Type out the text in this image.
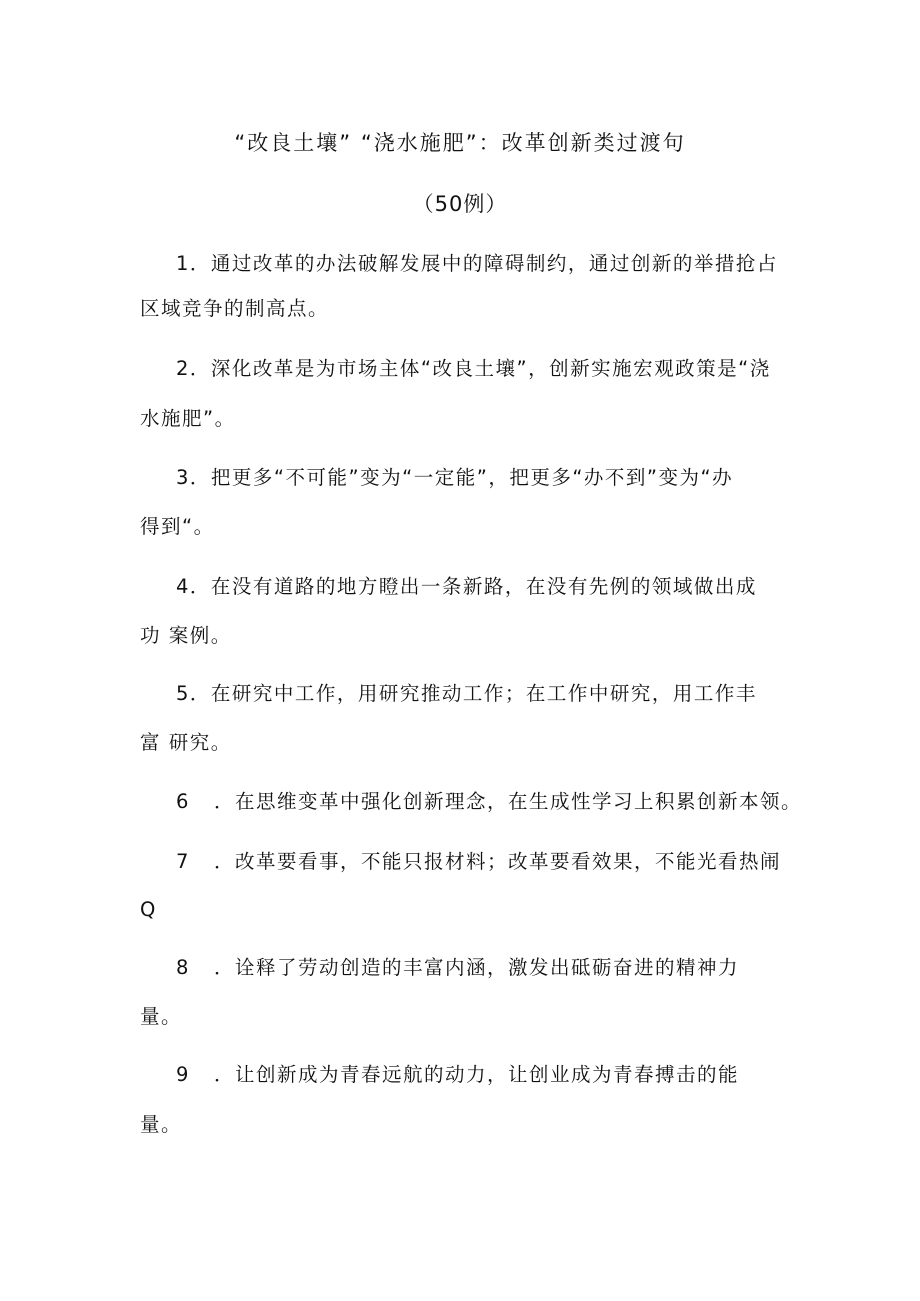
“改良土壤” “浇水施肥”：改革创新类过渡句
（50例）
1．通过改革的办法破解发展中的障碍制约，通过创新的举措抢占
区域竞争的制高点。
2．深化改革是为市场主体“改良土壤”，创新实施宏观政策是“浇
水施肥”。
3．把更多“不可能”变为“一定能”，把更多“办不到”变为“办
得到“。
4．在没有道路的地方瞪出一条新路，在没有先例的领域做出成
功 案例。
5．在研究中工作，用研究推动工作；在工作中研究，用工作丰
富 研究。
6 ．在思维变革中强化创新理念，在生成性学习上积累创新本领。
7 ．改革要看事，不能只报材料；改革要看效果，不能光看热闹
Q
8 ．诠释了劳动创造的丰富内涵，激发出砥砺奋进的精神力
量。
9 ．让创新成为青春远航的动力，让创业成为青春搏击的能
量。
